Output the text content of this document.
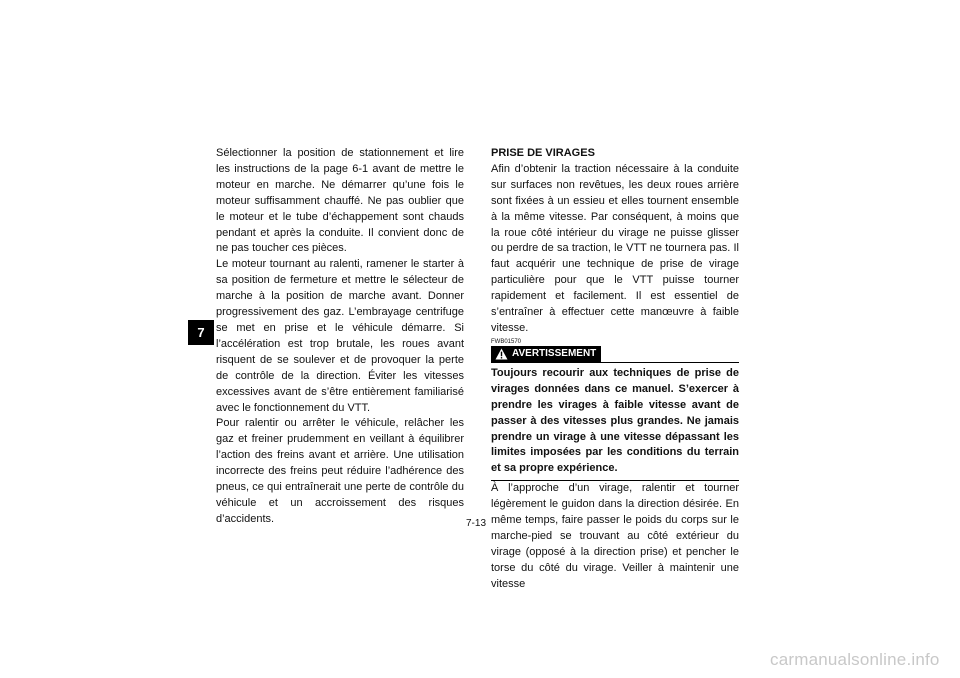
7

Sélectionner la position de stationnement et lire les instructions de la page 6-1 avant de mettre le moteur en marche. Ne démarrer qu’une fois le moteur suffisamment chauffé. Ne pas oublier que le moteur et le tube d’échappement sont chauds pendant et après la conduite. Il convient donc de ne pas toucher ces pièces.

Le moteur tournant au ralenti, ramener le starter à sa position de fermeture et mettre le sélecteur de marche à la position de marche avant. Donner progressivement des gaz. L’embrayage centrifuge se met en prise et le véhicule démarre. Si l’accélération est trop brutale, les roues avant risquent de se soulever et de provoquer la perte de contrôle de la direction. Éviter les vitesses excessives avant de s’être entièrement familiarisé avec le fonctionnement du VTT.

Pour ralentir ou arrêter le véhicule, relâcher les gaz et freiner prudemment en veillant à équilibrer l’action des freins avant et arrière. Une utilisation incorrecte des freins peut réduire l’adhérence des pneus, ce qui entraînerait une perte de contrôle du véhicule et un accroissement des risques d’accidents.

PRISE DE VIRAGES

Afin d’obtenir la traction nécessaire à la conduite sur surfaces non revêtues, les deux roues arrière sont fixées à un essieu et elles tournent ensemble à la même vitesse. Par conséquent, à moins que la roue côté intérieur du virage ne puisse glisser ou perdre de sa traction, le VTT ne tournera pas. Il faut acquérir une technique de prise de virage particulière pour que le VTT puisse tourner rapidement et facilement. Il est essentiel de s’entraîner à effectuer cette manœuvre à faible vitesse.

FWB01570
AVERTISSEMENT

Toujours recourir aux techniques de prise de virages données dans ce manuel. S’exercer à prendre les virages à faible vitesse avant de passer à des vitesses plus grandes. Ne jamais prendre un virage à une vitesse dépassant les limites imposées par les conditions du terrain et sa propre expérience.

À l’approche d’un virage, ralentir et tourner légèrement le guidon dans la direction désirée. En même temps, faire passer le poids du corps sur le marche-pied se trouvant au côté extérieur du virage (opposé à la direction prise) et pencher le torse du côté du virage. Veiller à maintenir une vitesse

7-13
carmanualsonline.info
